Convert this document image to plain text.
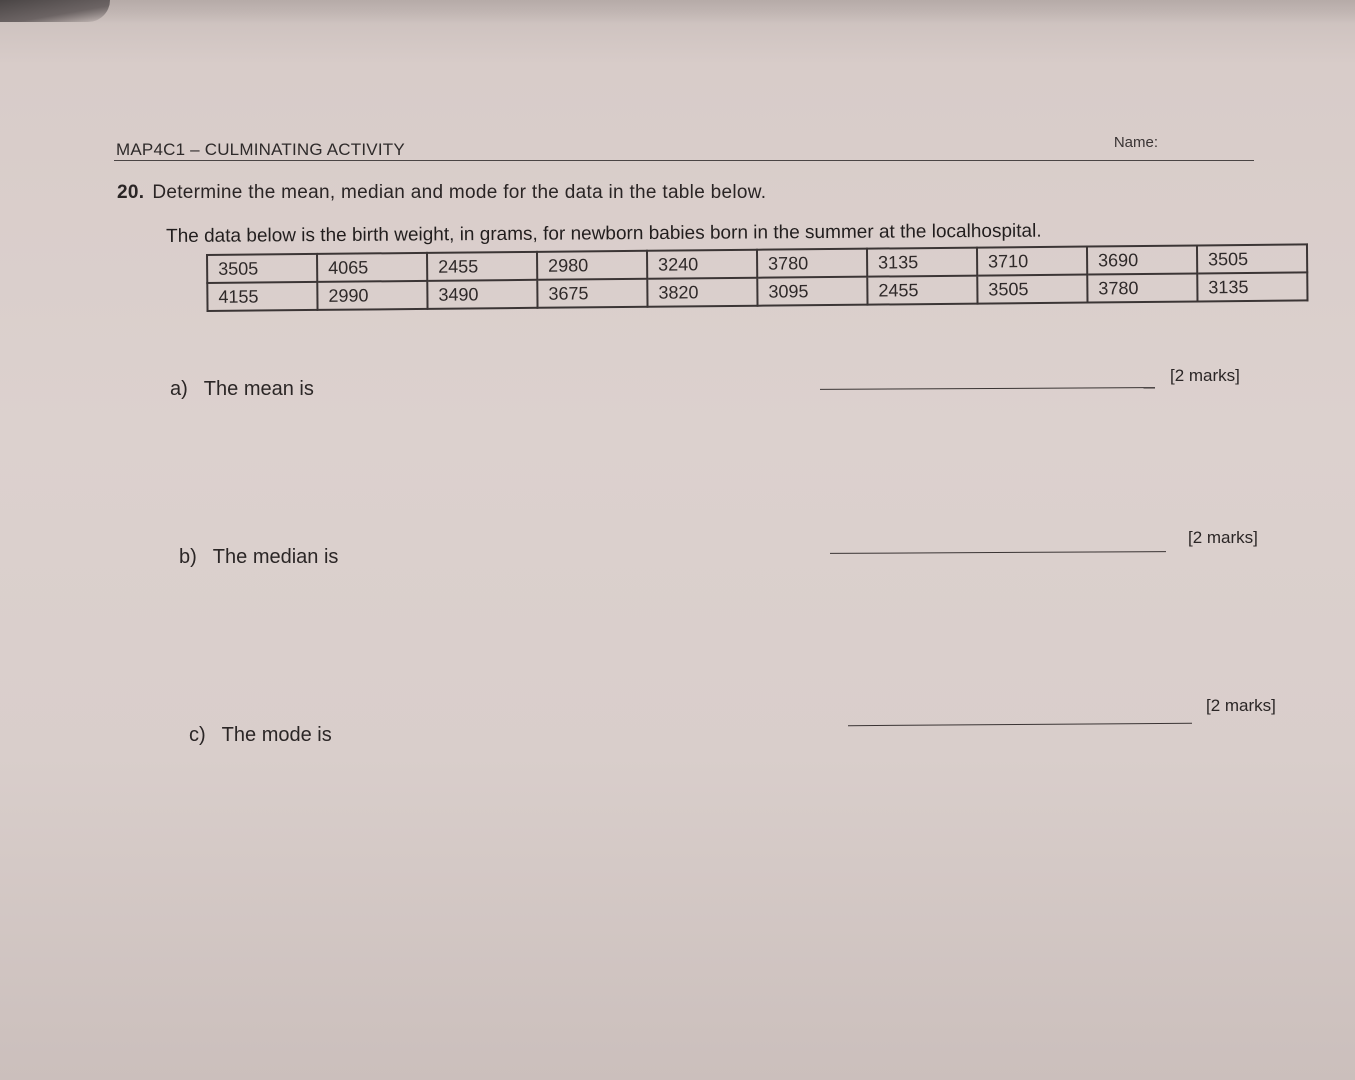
MAP4C1 – CULMINATING ACTIVITY	Name:
20. Determine the mean, median and mode for the data in the table below.
The data below is the birth weight, in grams, for newborn babies born in the summer at the localhospital.
3505	4065	2455	2980	3240	3780	3135	3710	3690	3505
4155	2990	3490	3675	3820	3095	2455	3505	3780	3135
a) The mean is
[2 marks]
b) The median is
[2 marks]
c) The mode is
[2 marks]
